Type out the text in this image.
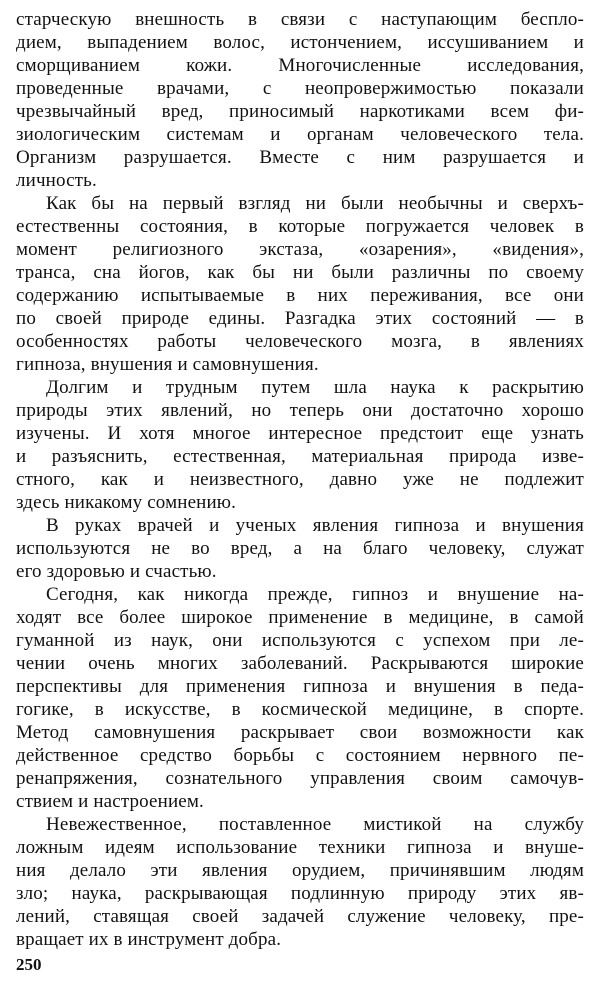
старческую внешность в связи с наступающим беспло-
дием, выпадением волос, истончением, иссушиванием и
сморщиванием кожи. Многочисленные исследования,
проведенные врачами, с неопровержимостью показали
чрезвычайный вред, приносимый наркотиками всем фи-
зиологическим системам и органам человеческого тела.
Организм разрушается. Вместе с ним разрушается и
личность.
Как бы на первый взгляд ни были необычны и сверхъ-
естественны состояния, в которые погружается человек в
момент религиозного экстаза, «озарения», «видения»,
транса, сна йогов, как бы ни были различны по своему
содержанию испытываемые в них переживания, все они
по своей природе едины. Разгадка этих состояний — в
особенностях работы человеческого мозга, в явлениях
гипноза, внушения и самовнушения.
Долгим и трудным путем шла наука к раскрытию
природы этих явлений, но теперь они достаточно хорошо
изучены. И хотя многое интересное предстоит еще узнать
и разъяснить, естественная, материальная природа изве-
стного, как и неизвестного, давно уже не подлежит
здесь никакому сомнению.
В руках врачей и ученых явления гипноза и внушения
используются не во вред, а на благо человеку, служат
его здоровью и счастью.
Сегодня, как никогда прежде, гипноз и внушение на-
ходят все более широкое применение в медицине, в самой
гуманной из наук, они используются с успехом при ле-
чении очень многих заболеваний. Раскрываются широкие
перспективы для применения гипноза и внушения в педа-
гогике, в искусстве, в космической медицине, в спорте.
Метод самовнушения раскрывает свои возможности как
действенное средство борьбы с состоянием нервного пе-
ренапряжения, сознательного управления своим самочув-
ствием и настроением.
Невежественное, поставленное мистикой на службу
ложным идеям использование техники гипноза и внуше-
ния делало эти явления орудием, причинявшим людям
зло; наука, раскрывающая подлинную природу этих яв-
лений, ставящая своей задачей служение человеку, пре-
вращает их в инструмент добра.
250
